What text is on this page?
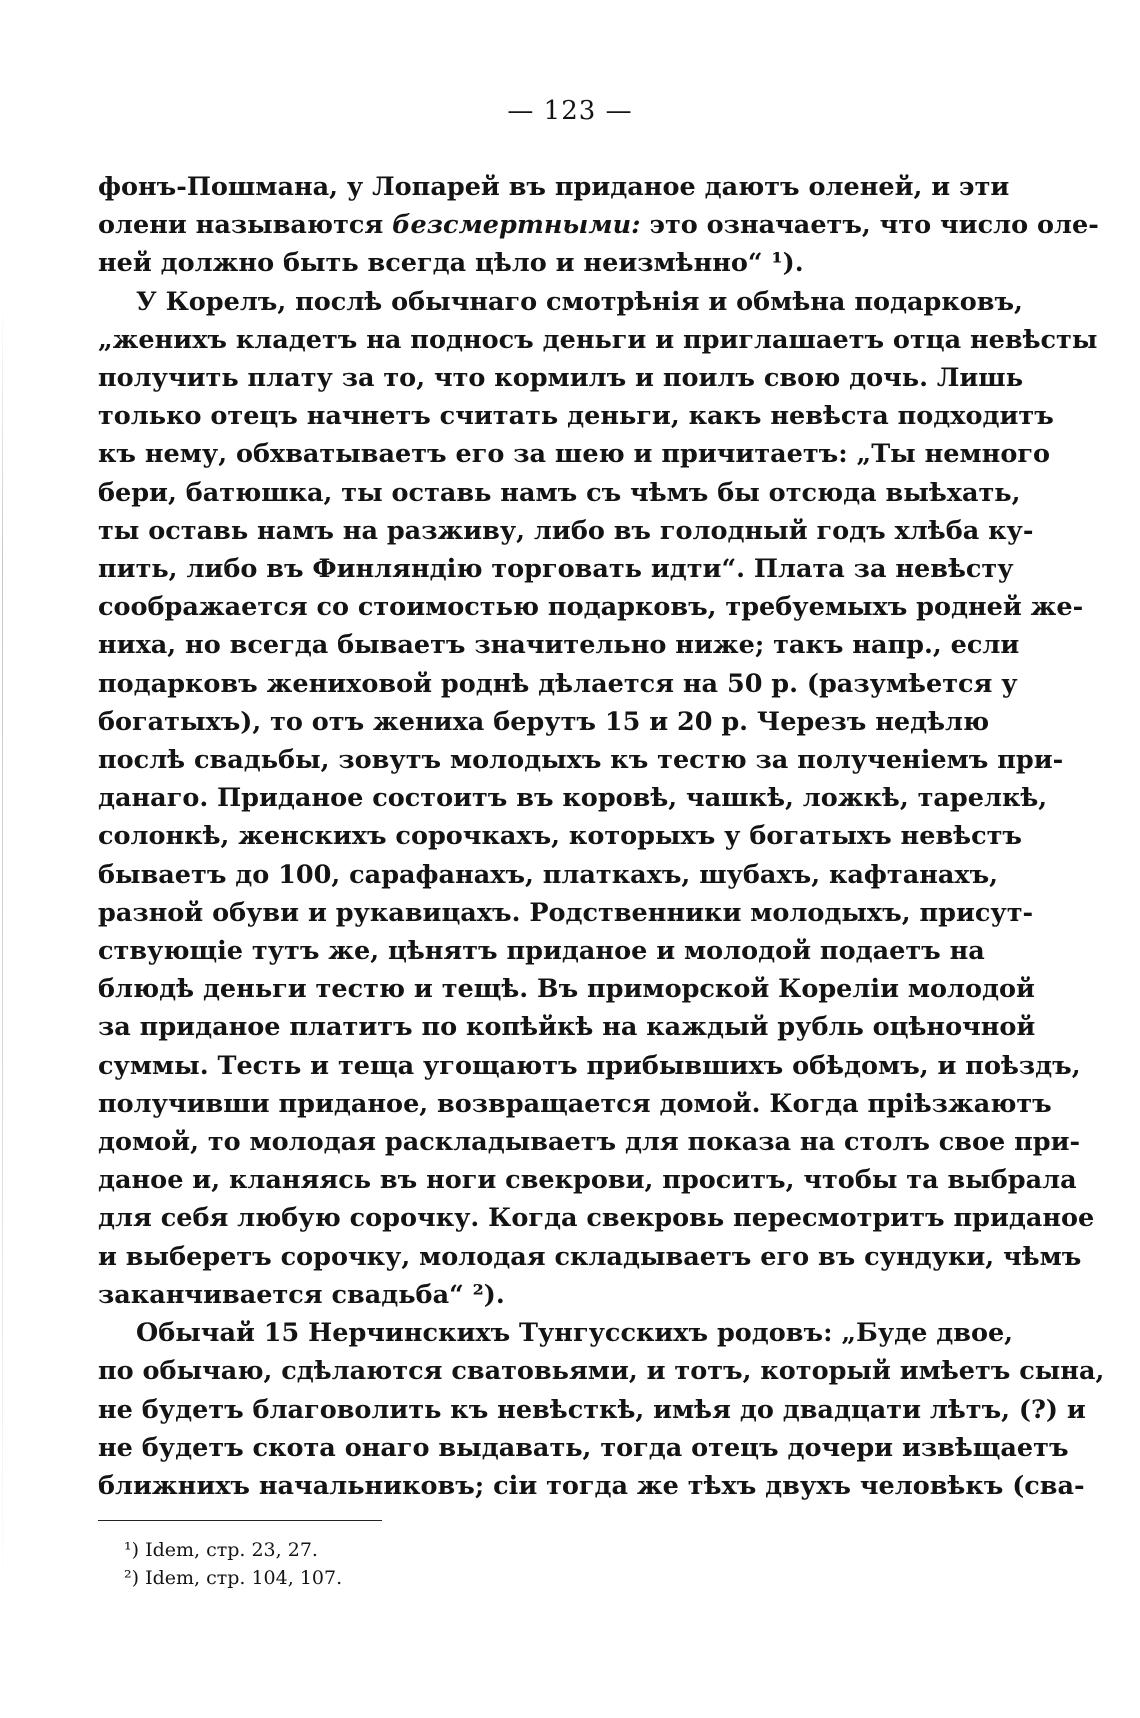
— 123 —
фонъ-Пошмана, у Лопарей въ приданое даютъ оленей, и эти
олени называются безсмертными: это означаетъ, что число оле-
ней должно быть всегда цѣло и неизмѣнно“ ¹).
У Корелъ, послѣ обычнаго смотрѣнія и обмѣна подарковъ,
„женихъ кладетъ на подносъ деньги и приглашаетъ отца невѣсты
получить плату за то, что кормилъ и поилъ свою дочь. Лишь
только отецъ начнетъ считать деньги, какъ невѣста подходитъ
къ нему, обхватываетъ его за шею и причитаетъ: „Ты немного
бери, батюшка, ты оставь намъ съ чѣмъ бы отсюда выѣхать,
ты оставь намъ на разживу, либо въ голодный годъ хлѣба ку-
пить, либо въ Финляндію торговать идти“. Плата за невѣсту
соображается со стоимостью подарковъ, требуемыхъ родней же-
ниха, но всегда бываетъ значительно ниже; такъ напр., если
подарковъ жениховой роднѣ дѣлается на 50 р. (разумѣется у
богатыхъ), то отъ жениха берутъ 15 и 20 р. Черезъ недѣлю
послѣ свадьбы, зовутъ молодыхъ къ тестю за полученіемъ при-
данаго. Приданое состоитъ въ коровѣ, чашкѣ, ложкѣ, тарелкѣ,
солонкѣ, женскихъ сорочкахъ, которыхъ у богатыхъ невѣстъ
бываетъ до 100, сарафанахъ, платкахъ, шубахъ, кафтанахъ,
разной обуви и рукавицахъ. Родственники молодыхъ, присут-
ствующіе тутъ же, цѣнятъ приданое и молодой подаетъ на
блюдѣ деньги тестю и тещѣ. Въ приморской Кореліи молодой
за приданое платитъ по копѣйкѣ на каждый рубль оцѣночной
суммы. Тесть и теща угощаютъ прибывшихъ обѣдомъ, и поѣздъ,
получивши приданое, возвращается домой. Когда пріѣзжаютъ
домой, то молодая раскладываетъ для показа на столъ свое при-
даное и, кланяясь въ ноги свекрови, проситъ, чтобы та выбрала
для себя любую сорочку. Когда свекровь пересмотритъ приданое
и выберетъ сорочку, молодая складываетъ его въ сундуки, чѣмъ
заканчивается свадьба“ ²).
Обычай 15 Нерчинскихъ Тунгусскихъ родовъ: „Буде двое,
по обычаю, сдѣлаются сватовьями, и тотъ, который имѣетъ сына,
не будетъ благоволить къ невѣсткѣ, имѣя до двадцати лѣтъ, (?) и
не будетъ скота онаго выдавать, тогда отецъ дочери извѣщаетъ
ближнихъ начальниковъ; сіи тогда же тѣхъ двухъ человѣкъ (сва-
¹) Idem, стр. 23, 27.
²) Idem, стр. 104, 107.
